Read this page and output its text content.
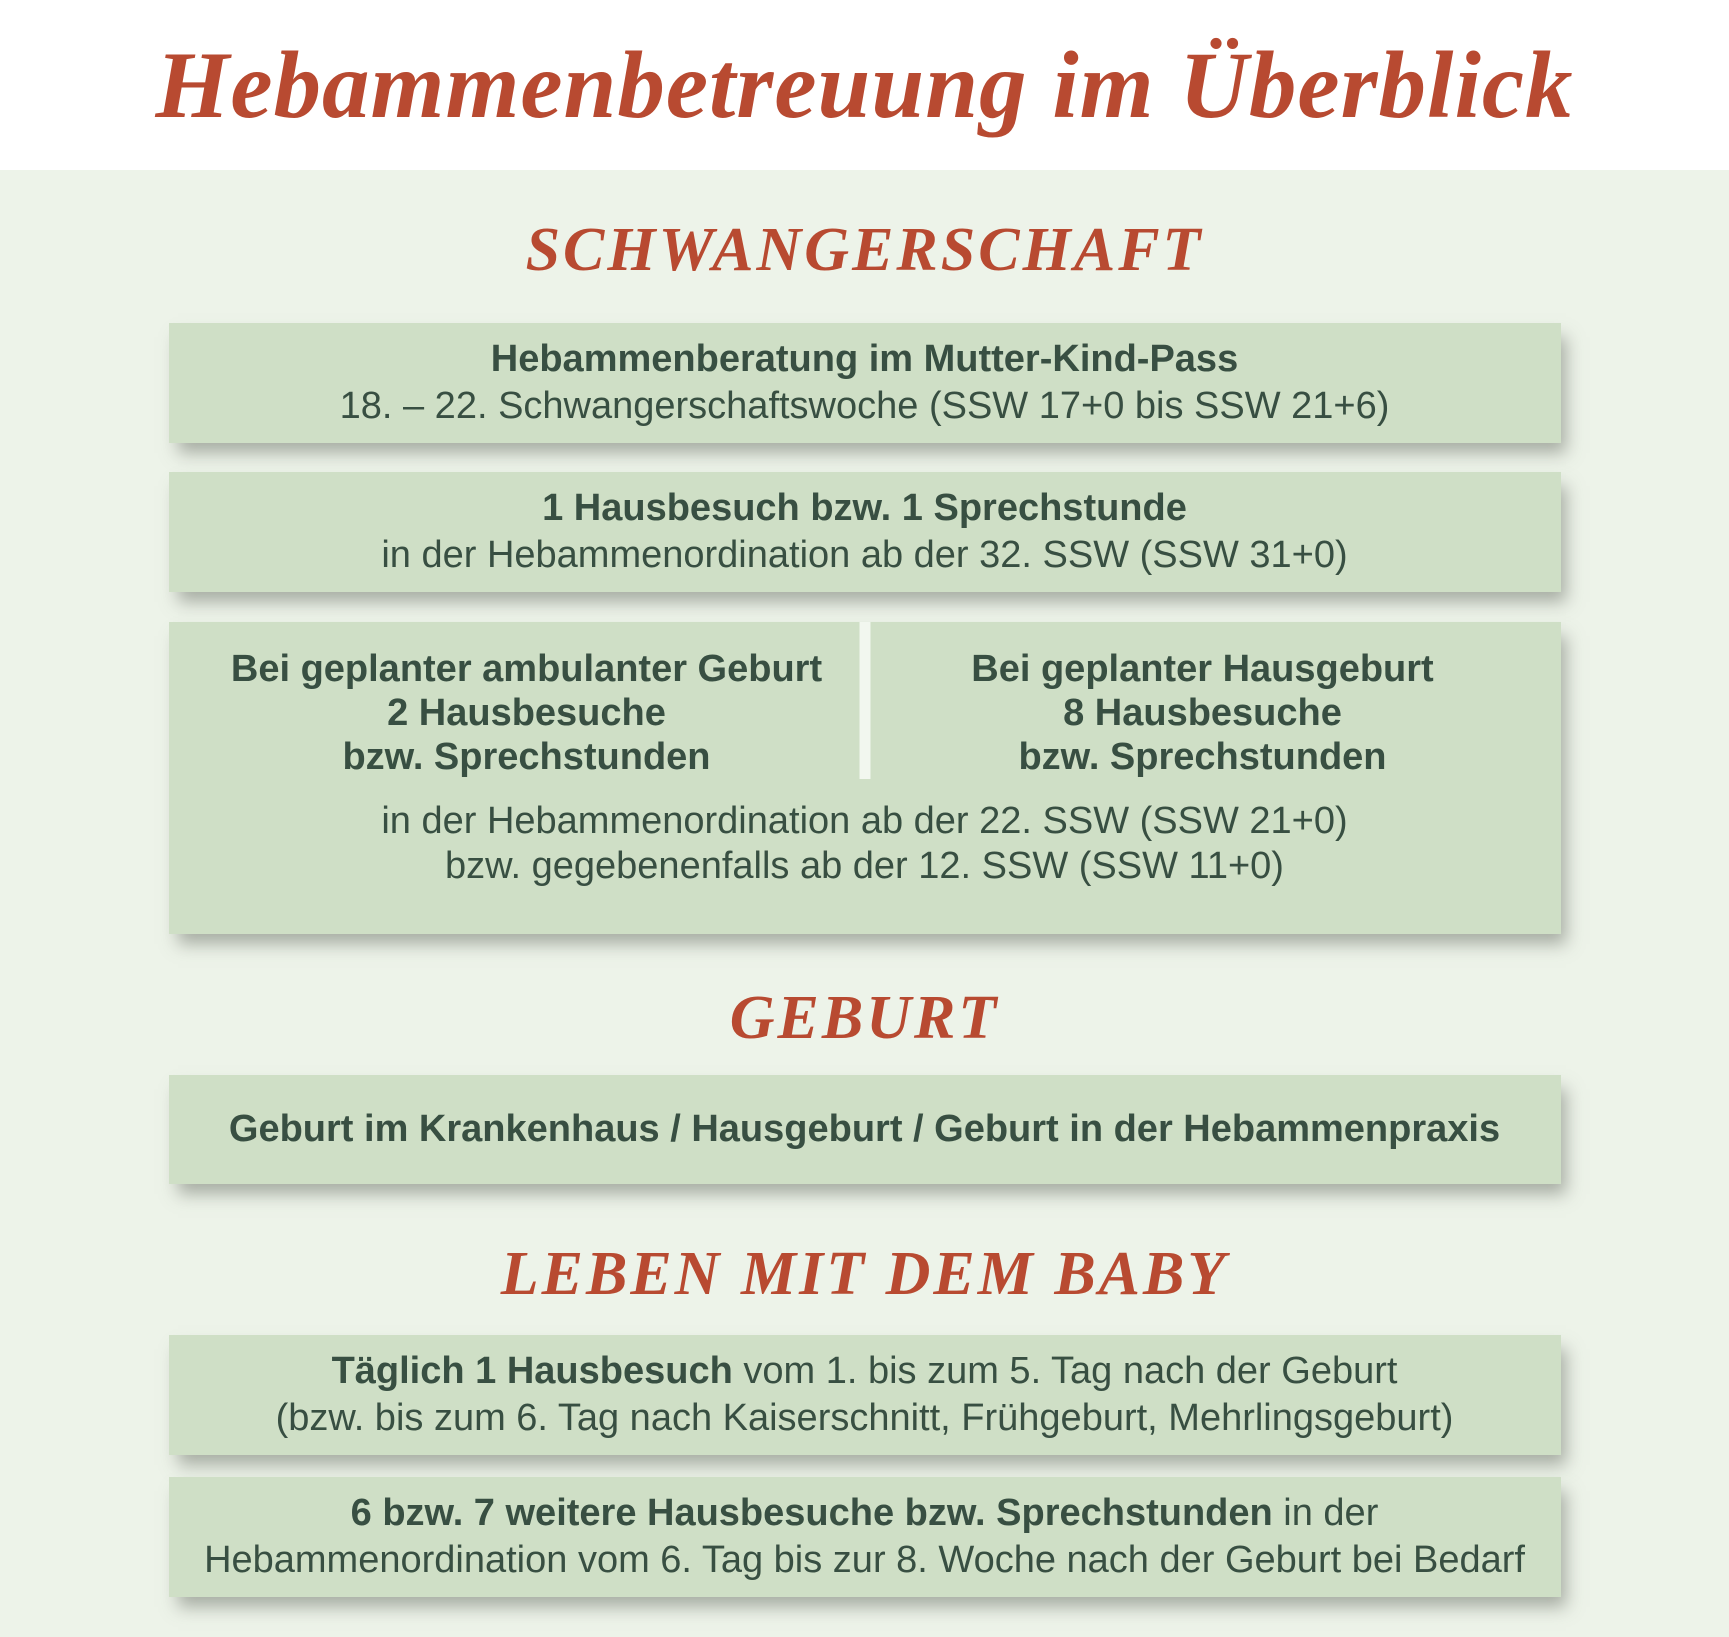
Hebammenbetreuung im Überblick
SCHWANGERSCHAFT

Hebammenberatung im Mutter-Kind-Pass

18. – 22. Schwangerschaftswoche (SSW 17+0 bis SSW 21+6)

1 Hausbesuch bzw. 1 Sprechstunde

in der Hebammenordination ab der 32. SSW (SSW 31+0)

Bei geplanter ambulanter Geburt

2 Hausbesuche

bzw. Sprechstunden

Bei geplanter Hausgeburt

8 Hausbesuche

bzw. Sprechstunden

in der Hebammenordination ab der 22. SSW (SSW 21+0)

bzw. gegebenenfalls ab der 12. SSW (SSW 11+0)

GEBURT

Geburt im Krankenhaus / Hausgeburt / Geburt in der Hebammenpraxis

LEBEN MIT DEM BABY

Täglich 1 Hausbesuch vom 1. bis zum 5. Tag nach der Geburt

(bzw. bis zum 6. Tag nach Kaiserschnitt, Frühgeburt, Mehrlingsgeburt)

6 bzw. 7 weitere Hausbesuche bzw. Sprechstunden in der

Hebammenordination vom 6. Tag bis zur 8. Woche nach der Geburt bei Bedarf
